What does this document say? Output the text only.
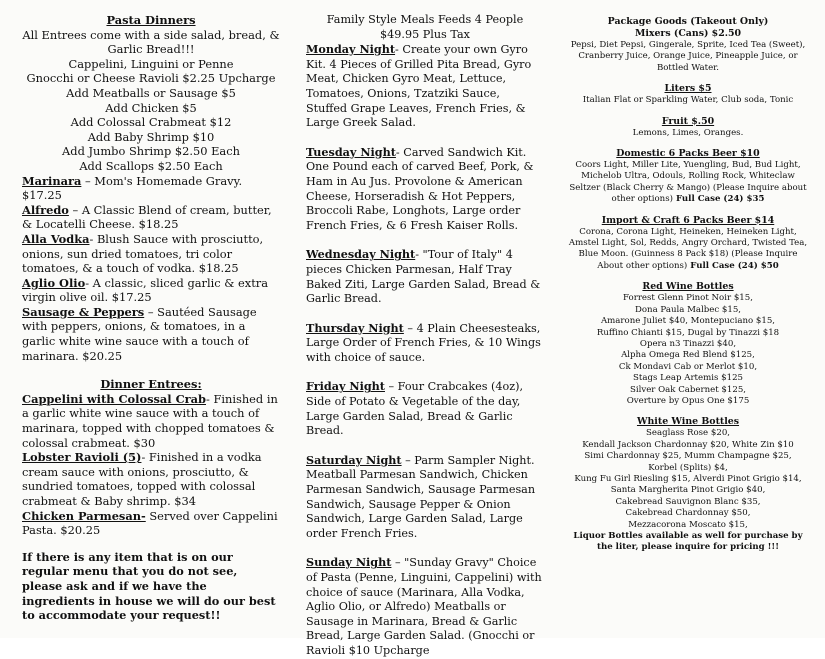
Pasta Dinners
All Entrees come with a side salad, bread, &
Garlic Bread!!!
Cappelini, Linguini or Penne
Gnocchi or Cheese Ravioli $2.25 Upcharge
Add Meatballs or Sausage $5
Add Chicken $5
Add Colossal Crabmeat $12
Add Baby Shrimp $10
Add Jumbo Shrimp $2.50 Each
Add Scallops $2.50 Each
Marinara – Mom's Homemade Gravy. $17.25
Alfredo – A Classic Blend of cream, butter, & Locatelli Cheese. $18.25
Alla Vodka- Blush Sauce with prosciutto, onions, sun dried tomatoes, tri color tomatoes, & a touch of vodka. $18.25
Aglio Olio- A classic, sliced garlic & extra virgin olive oil. $17.25
Sausage & Peppers – Sautéed Sausage with peppers, onions, & tomatoes, in a garlic white wine sauce with a touch of marinara. $20.25
Dinner Entrees:
Cappelini with Colossal Crab- Finished in a garlic white wine sauce with a touch of marinara, topped with chopped tomatoes & colossal crabmeat. $30
Lobster Ravioli (5)- Finished in a vodka cream sauce with onions, prosciutto, & sundried tomatoes, topped with colossal crabmeat & Baby shrimp. $34
Chicken Parmesan- Served over Cappelini Pasta. $20.25
If there is any item that is on our regular menu that you do not see, please ask and if we have the ingredients in house we will do our best to accommodate your request!!
Family Style Meals Feeds 4 People
$49.95 Plus Tax
Monday Night- Create your own Gyro Kit. 4 Pieces of Grilled Pita Bread, Gyro Meat, Chicken Gyro Meat, Lettuce, Tomatoes, Onions, Tzatziki Sauce, Stuffed Grape Leaves, French Fries, & Large Greek Salad.
Tuesday Night- Carved Sandwich Kit. One Pound each of carved Beef, Pork, & Ham in Au Jus. Provolone & American Cheese, Horseradish & Hot Peppers, Broccoli Rabe, Longhots, Large order French Fries, & 6 Fresh Kaiser Rolls.
Wednesday Night- "Tour of Italy" 4 pieces Chicken Parmesan, Half Tray Baked Ziti, Large Garden Salad, Bread & Garlic Bread.
Thursday Night – 4 Plain Cheesesteaks, Large Order of French Fries, & 10 Wings with choice of sauce.
Friday Night – Four Crabcakes (4oz), Side of Potato & Vegetable of the day, Large Garden Salad, Bread & Garlic Bread.
Saturday Night – Parm Sampler Night. Meatball Parmesan Sandwich, Chicken Parmesan Sandwich, Sausage Parmesan Sandwich, Sausage Pepper & Onion Sandwich, Large Garden Salad, Large order French Fries.
Sunday Night – "Sunday Gravy" Choice of Pasta (Penne, Linguini, Cappelini) with choice of sauce (Marinara, Alla Vodka, Aglio Olio, or Alfredo) Meatballs or Sausage in Marinara, Bread & Garlic Bread, Large Garden Salad. (Gnocchi or Ravioli $10 Upcharge
Package Goods (Takeout Only)
Mixers (Cans) $2.50
Pepsi, Diet Pepsi, Gingerale, Sprite, Iced Tea (Sweet), Cranberry Juice, Orange Juice, Pineapple Juice, or Bottled Water.
Liters $5
Italian Flat or Sparkling Water, Club soda, Tonic
Fruit $.50
Lemons, Limes, Oranges.
Domestic 6 Packs Beer $10
Coors Light, Miller Lite, Yuengling, Bud, Bud Light, Michelob Ultra, Odouls, Rolling Rock, Whiteclaw Seltzer (Black Cherry & Mango) (Please Inquire about other options) Full Case (24) $35
Import & Craft 6 Packs Beer $14
Corona, Corona Light, Heineken, Heineken Light, Amstel Light, Sol, Redds, Angry Orchard, Twisted Tea, Blue Moon. (Guinness 8 Pack $18) (Please Inquire About other options) Full Case (24) $50
Red Wine Bottles
Forrest Glenn Pinot Noir $15,
Dona Paula Malbec $15,
Amarone Juliet $40, Montepuciano $15,
Ruffino Chianti $15, Dugal by Tinazzi $18
Opera n3 Tinazzi $40,
Alpha Omega Red Blend $125,
Ck Mondavi Cab or Merlot $10,
Stags Leap Artemis $125
Silver Oak Cabernet $125,
Overture by Opus One $175
White Wine Bottles
Seaglass Rose $20,
Kendall Jackson Chardonnay $20, White Zin $10
Simi Chardonnay $25, Mumm Champagne $25,
Korbel (Splits) $4,
Kung Fu Girl Riesling $15, Alverdi Pinot Grigio $14,
Santa Margherita Pinot Grigio $40,
Cakebread Sauvignon Blanc $35,
Cakebread Chardonnay $50,
Mezzacorona Moscato $15,
Liquor Bottles available as well for purchase by the liter, please inquire for pricing !!!
